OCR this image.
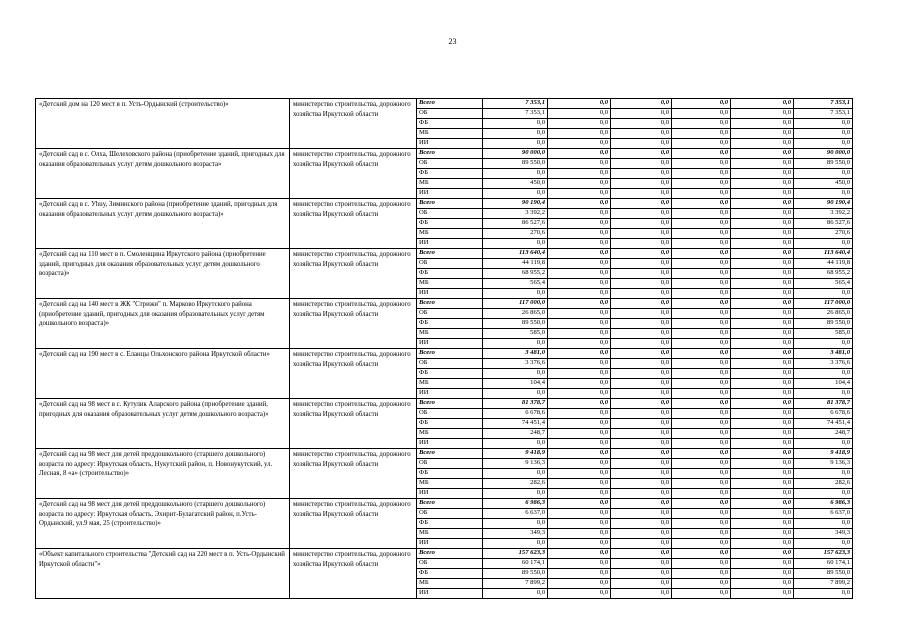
23
«Детский дом на 120 мест в п. Усть-Ордынский (строительство)»	министерство строительства, дорожного хозяйства Иркутской области	Всего	7 353,1	0,0	0,0	0,0	0,0	7 353,1
		ОБ	7 353,1	0,0	0,0	0,0	0,0	7 353,1
		ФБ	0,0	0,0	0,0	0,0	0,0	0,0
		МБ	0,0	0,0	0,0	0,0	0,0	0,0
		ИИ	0,0	0,0	0,0	0,0	0,0	0,0
«Детский сад в с. Олха, Шелеховского района (приобретение зданий, пригодных для оказания образовательных услуг детям дошкольного возраста»	министерство строительства, дорожного хозяйства Иркутской области	Всего	90 000,0	0,0	0,0	0,0	0,0	90 000,0
		ОБ	89 550,0	0,0	0,0	0,0	0,0	89 550,0
		ФБ	0,0	0,0	0,0	0,0	0,0	0,0
		МБ	450,0	0,0	0,0	0,0	0,0	450,0
		ИИ	0,0	0,0	0,0	0,0	0,0	0,0
«Детский сад в с. Уhuy, Зиминского района (приобретение зданий, пригодных для оказания образовательных услуг детям дошкольного возраста)»	министерство строительства, дорожного хозяйства Иркутской области	Всего	90 190,4	0,0	0,0	0,0	0,0	90 190,4
		ОБ	3 392,2	0,0	0,0	0,0	0,0	3 392,2
		ФБ	86 527,6	0,0	0,0	0,0	0,0	86 527,6
		МБ	270,6	0,0	0,0	0,0	0,0	270,6
		ИИ	0,0	0,0	0,0	0,0	0,0	0,0
«Детский сад на 110 мест в п. Смоленщина Иркутского района (приобретение зданий, пригодных для оказания образовательных услуг детям дошкольного возраста)»	министерство строительства, дорожного хозяйства Иркутской области	Всего	113 640,4	0,0	0,0	0,0	0,0	113 640,4
		ОБ	44 119,8	0,0	0,0	0,0	0,0	44 119,8
		ФБ	68 955,2	0,0	0,0	0,0	0,0	68 955,2
		МБ	565,4	0,0	0,0	0,0	0,0	565,4
		ИИ	0,0	0,0	0,0	0,0	0,0	0,0
«Детский сад на 140 мест в ЖК "Стрижи" п. Марково Иркутского района (приобретение зданий, пригодных для оказания образовательных услуг детям дошкольного возраста)»	министерство строительства, дорожного хозяйства Иркутской области	Всего	117 000,0	0,0	0,0	0,0	0,0	117 000,0
		ОБ	26 865,0	0,0	0,0	0,0	0,0	26 865,0
		ФБ	89 550,0	0,0	0,0	0,0	0,0	89 550,0
		МБ	585,0	0,0	0,0	0,0	0,0	585,0
		ИИ	0,0	0,0	0,0	0,0	0,0	0,0
«Детский сад на 190 мест в с. Еланцы Ольхонского района Иркутской области»	министерство строительства, дорожного хозяйства Иркутской области	Всего	3 481,0	0,0	0,0	0,0	0,0	3 481,0
		ОБ	3 376,6	0,0	0,0	0,0	0,0	3 376,6
		ФБ	0,0	0,0	0,0	0,0	0,0	0,0
		МБ	104,4	0,0	0,0	0,0	0,0	104,4
		ИИ	0,0	0,0	0,0	0,0	0,0	0,0
«Детский сад на 98 мест в с. Кутулик Аларского района (приобретение зданий, пригодных для оказания образовательных услуг детям дошкольного возраста)»	министерство строительства, дорожного хозяйства Иркутской области	Всего	81 378,7	0,0	0,0	0,0	0,0	81 378,7
		ОБ	6 678,6	0,0	0,0	0,0	0,0	6 678,6
		ФБ	74 451,4	0,0	0,0	0,0	0,0	74 451,4
		МБ	248,7	0,0	0,0	0,0	0,0	248,7
		ИИ	0,0	0,0	0,0	0,0	0,0	0,0
«Детский сад на 98 мест для детей преддошкольного (старшего дошкольного) возраста по адресу: Иркутская область, Нукутский район, п. Новонукутский, ул. Лесная, 8 «а» (строительство)»	министерство строительства, дорожного хозяйства Иркутской области	Всего	9 418,9	0,0	0,0	0,0	0,0	9 418,9
		ОБ	9 136,3	0,0	0,0	0,0	0,0	9 136,3
		ФБ	0,0	0,0	0,0	0,0	0,0	0,0
		МБ	282,6	0,0	0,0	0,0	0,0	282,6
		ИИ	0,0	0,0	0,0	0,0	0,0	0,0
«Детский сад на 98 мест для детей преддошкольного (старшего дошкольного) возраста по адресу: Иркутская область, Эхирит-Булагатский район, п.Усть-Ордынский, ул.9 мая, 25 (строительство)»	министерство строительства, дорожного хозяйства Иркутской области	Всего	6 986,3	0,0	0,0	0,0	0,0	6 986,3
		ОБ	6 637,0	0,0	0,0	0,0	0,0	6 637,0
		ФБ	0,0	0,0	0,0	0,0	0,0	0,0
		МБ	349,3	0,0	0,0	0,0	0,0	349,3
		ИИ	0,0	0,0	0,0	0,0	0,0	0,0
«Объект капитального строительства "Детский сад на 220 мест в п. Усть-Ордынский Иркутской области"»	министерство строительства, дорожного хозяйства Иркутской области	Всего	157 623,3	0,0	0,0	0,0	0,0	157 623,3
		ОБ	60 174,1	0,0	0,0	0,0	0,0	60 174,1
		ФБ	89 550,0	0,0	0,0	0,0	0,0	89 550,0
		МБ	7 899,2	0,0	0,0	0,0	0,0	7 899,2
		ИИ	0,0	0,0	0,0	0,0	0,0	0,0
